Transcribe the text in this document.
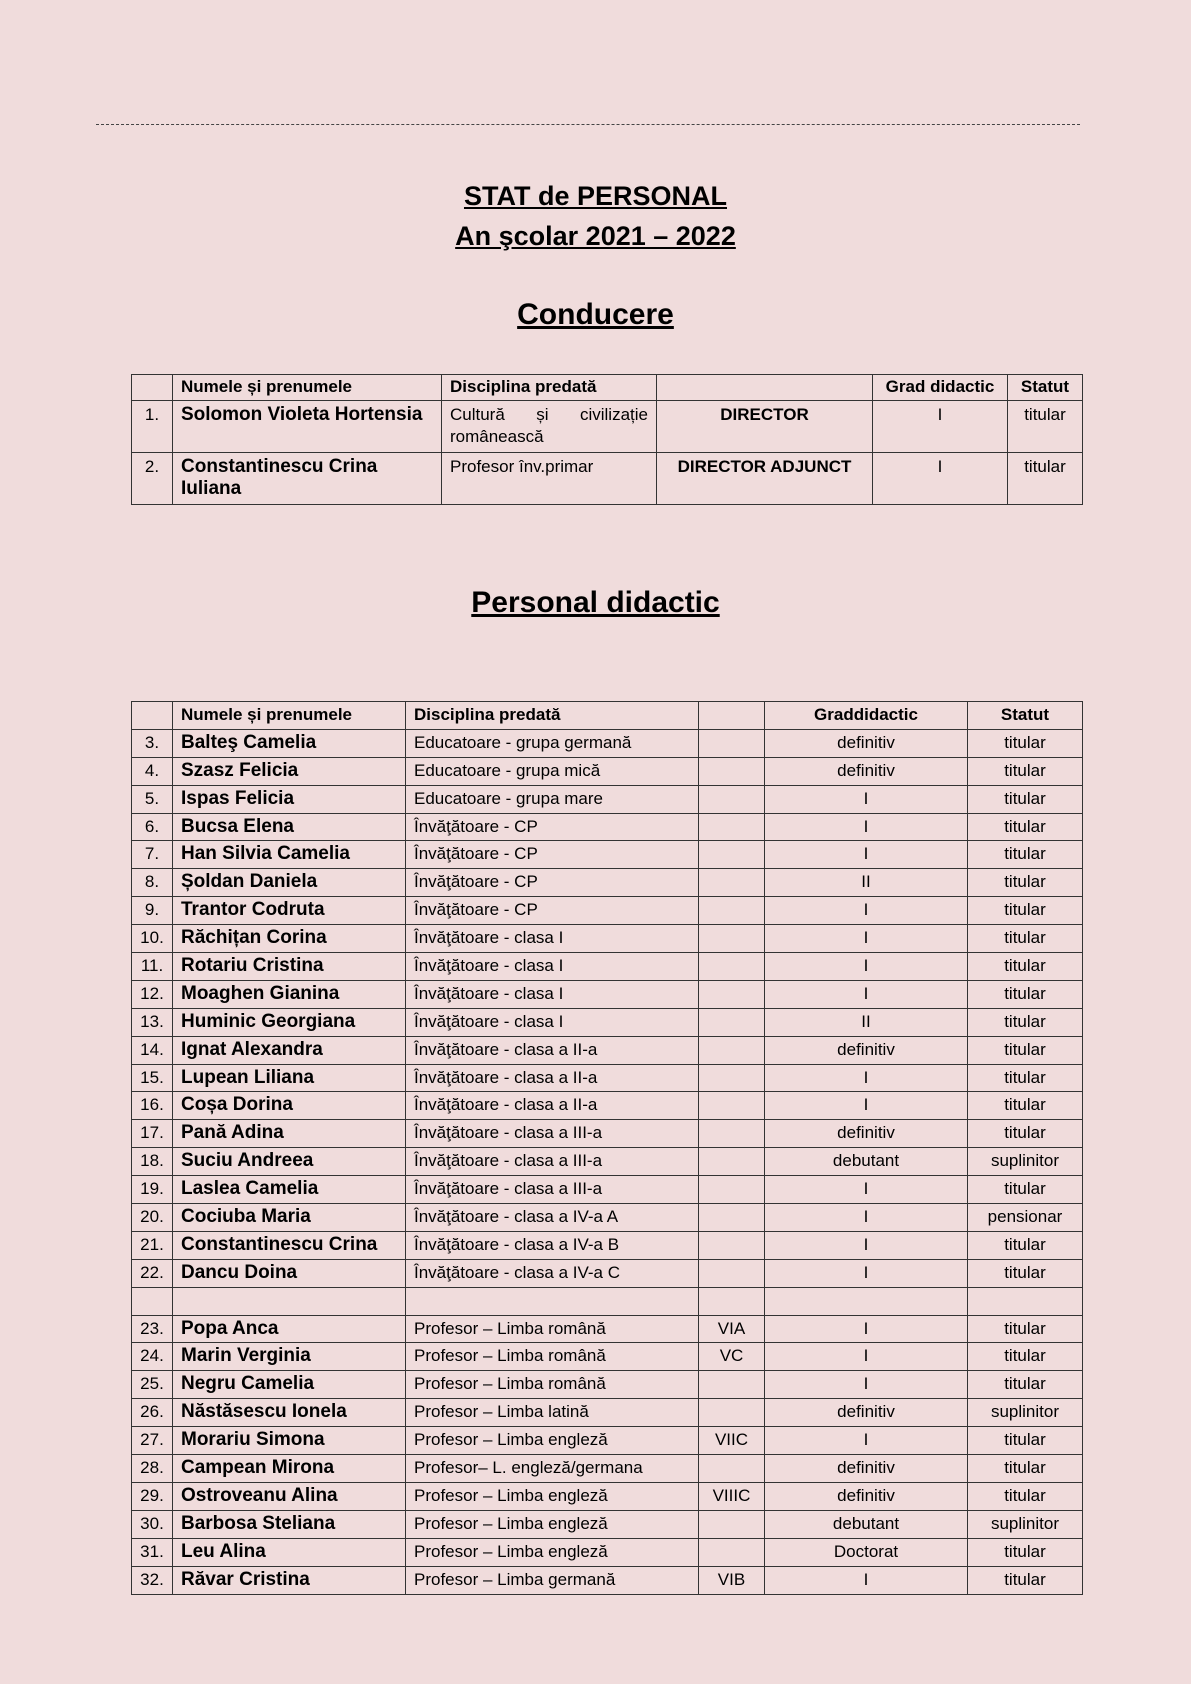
STAT de PERSONAL
An şcolar 2021 – 2022
Conducere
	Numele și prenumele	Disciplina predată		Grad didactic	Statut
1.	Solomon Violeta Hortensia	Cultură și civilizație românească	DIRECTOR	I	titular
2.	Constantinescu Crina Iuliana	Profesor înv.primar	DIRECTOR ADJUNCT	I	titular
Personal didactic
	Numele și prenumele	Disciplina predată		Graddidactic	Statut
3.	Balteş Camelia	Educatoare - grupa germană		definitiv	titular
4.	Szasz Felicia	Educatoare - grupa mică		definitiv	titular
5.	Ispas Felicia	Educatoare - grupa mare		I	titular
6.	Bucsa Elena	Învăţătoare - CP		I	titular
7.	Han Silvia Camelia	Învăţătoare - CP		I	titular
8.	Șoldan Daniela	Învăţătoare - CP		II	titular
9.	Trantor Codruta	Învăţătoare - CP		I	titular
10.	Răchițan Corina	Învăţătoare - clasa I		I	titular
11.	Rotariu Cristina	Învăţătoare - clasa I		I	titular
12.	Moaghen Gianina	Învăţătoare - clasa I		I	titular
13.	Huminic Georgiana	Învăţătoare - clasa I		II	titular
14.	Ignat Alexandra	Învăţătoare - clasa a II-a		definitiv	titular
15.	Lupean Liliana	Învăţătoare - clasa a II-a		I	titular
16.	Coșa Dorina	Învăţătoare - clasa a II-a		I	titular
17.	Pană Adina	Învăţătoare - clasa a III-a		definitiv	titular
18.	Suciu Andreea	Învăţătoare - clasa a III-a		debutant	suplinitor
19.	Laslea Camelia	Învăţătoare - clasa a III-a		I	titular
20.	Cociuba Maria	Învăţătoare - clasa a IV-a A		I	pensionar
21.	Constantinescu Crina	Învăţătoare - clasa a IV-a B		I	titular
22.	Dancu Doina	Învăţătoare - clasa a IV-a C		I	titular

23.	Popa Anca	Profesor – Limba română	VIA	I	titular
24.	Marin Verginia	Profesor – Limba română	VC	I	titular
25.	Negru Camelia	Profesor – Limba română		I	titular
26.	Năstăsescu Ionela	Profesor – Limba latină		definitiv	suplinitor
27.	Morariu Simona	Profesor – Limba engleză	VIIC	I	titular
28.	Campean Mirona	Profesor– L. engleză/germana		definitiv	titular
29.	Ostroveanu Alina	Profesor – Limba engleză	VIIIC	definitiv	titular
30.	Barbosa Steliana	Profesor – Limba engleză		debutant	suplinitor
31.	Leu Alina	Profesor – Limba engleză		Doctorat	titular
32.	Răvar Cristina	Profesor – Limba germană	VIB	I	titular
